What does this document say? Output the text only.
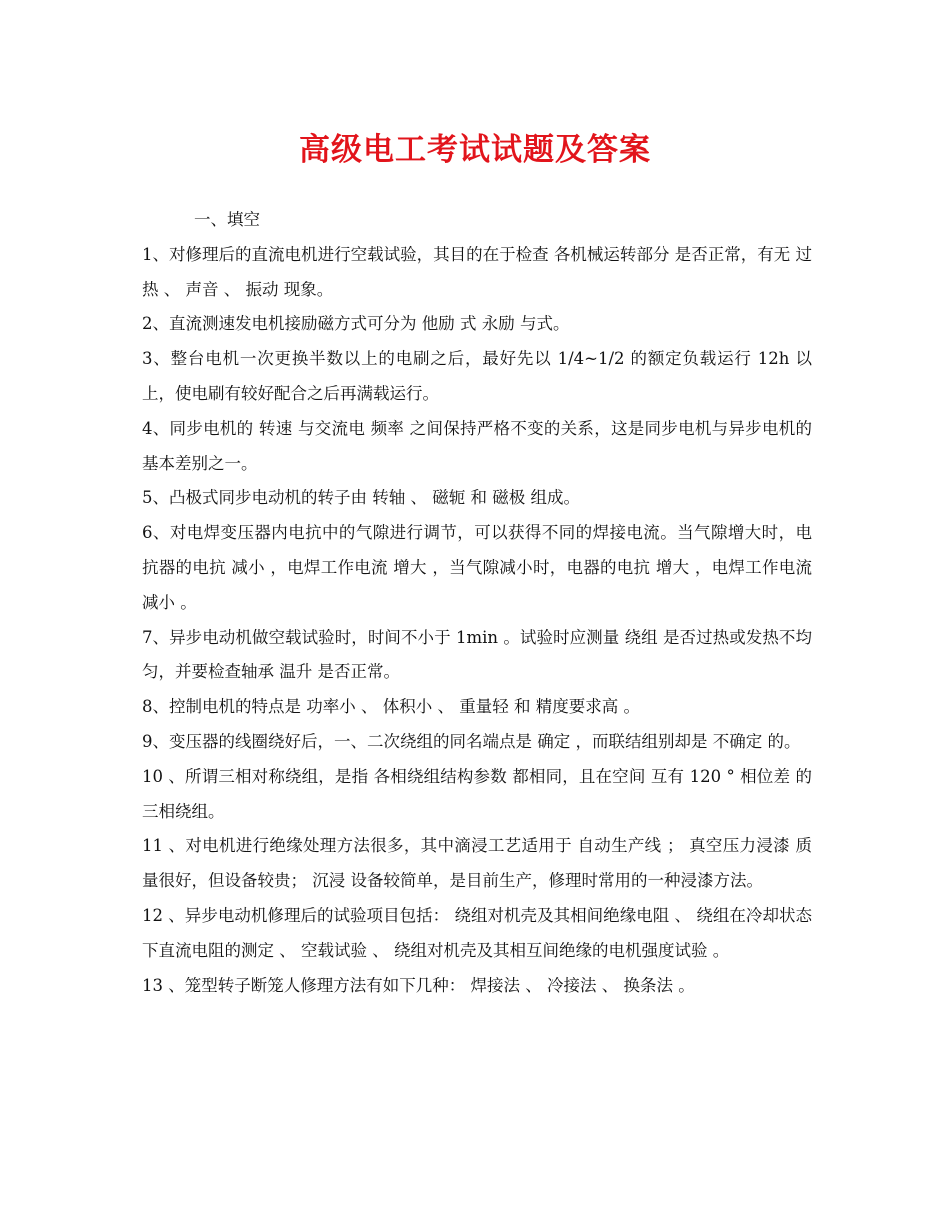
高级电工考试试题及答案

一、填空

1、对修理后的直流电机进行空载试验，其目的在于检查 各机械运转部分 是否正常，有无 过热 、 声音 、 振动 现象。

2、直流测速发电机接励磁方式可分为 他励 式 永励 与式。

3、整台电机一次更换半数以上的电刷之后，最好先以 1/4~1/2 的额定负载运行 12h 以上，使电刷有较好配合之后再满载运行。

4、同步电机的 转速 与交流电 频率 之间保持严格不变的关系，这是同步电机与异步电机的基本差别之一。

5、凸极式同步电动机的转子由 转轴 、 磁轭 和 磁极 组成。

6、对电焊变压器内电抗中的气隙进行调节，可以获得不同的焊接电流。当气隙增大时，电抗器的电抗 减小 ，电焊工作电流 增大 ，当气隙减小时，电器的电抗 增大 ，电焊工作电流 减小 。

7、异步电动机做空载试验时，时间不小于 1min 。试验时应测量 绕组 是否过热或发热不均匀，并要检查轴承 温升 是否正常。

8、控制电机的特点是 功率小 、 体积小 、 重量轻 和 精度要求高 。

9、变压器的线圈绕好后，一、二次绕组的同名端点是 确定 ，而联结组别却是 不确定 的。

10 、所谓三相对称绕组，是指 各相绕组结构参数 都相同，且在空间 互有 120 ° 相位差 的三相绕组。

11 、对电机进行绝缘处理方法很多，其中滴浸工艺适用于 自动生产线 ； 真空压力浸漆 质量很好，但设备较贵； 沉浸 设备较简单，是目前生产，修理时常用的一种浸漆方法。

12 、异步电动机修理后的试验项目包括： 绕组对机壳及其相间绝缘电阻 、 绕组在冷却状态下直流电阻的测定 、 空载试验 、 绕组对机壳及其相互间绝缘的电机强度试验 。

13 、笼型转子断笼人修理方法有如下几种： 焊接法 、 冷接法 、 换条法 。
